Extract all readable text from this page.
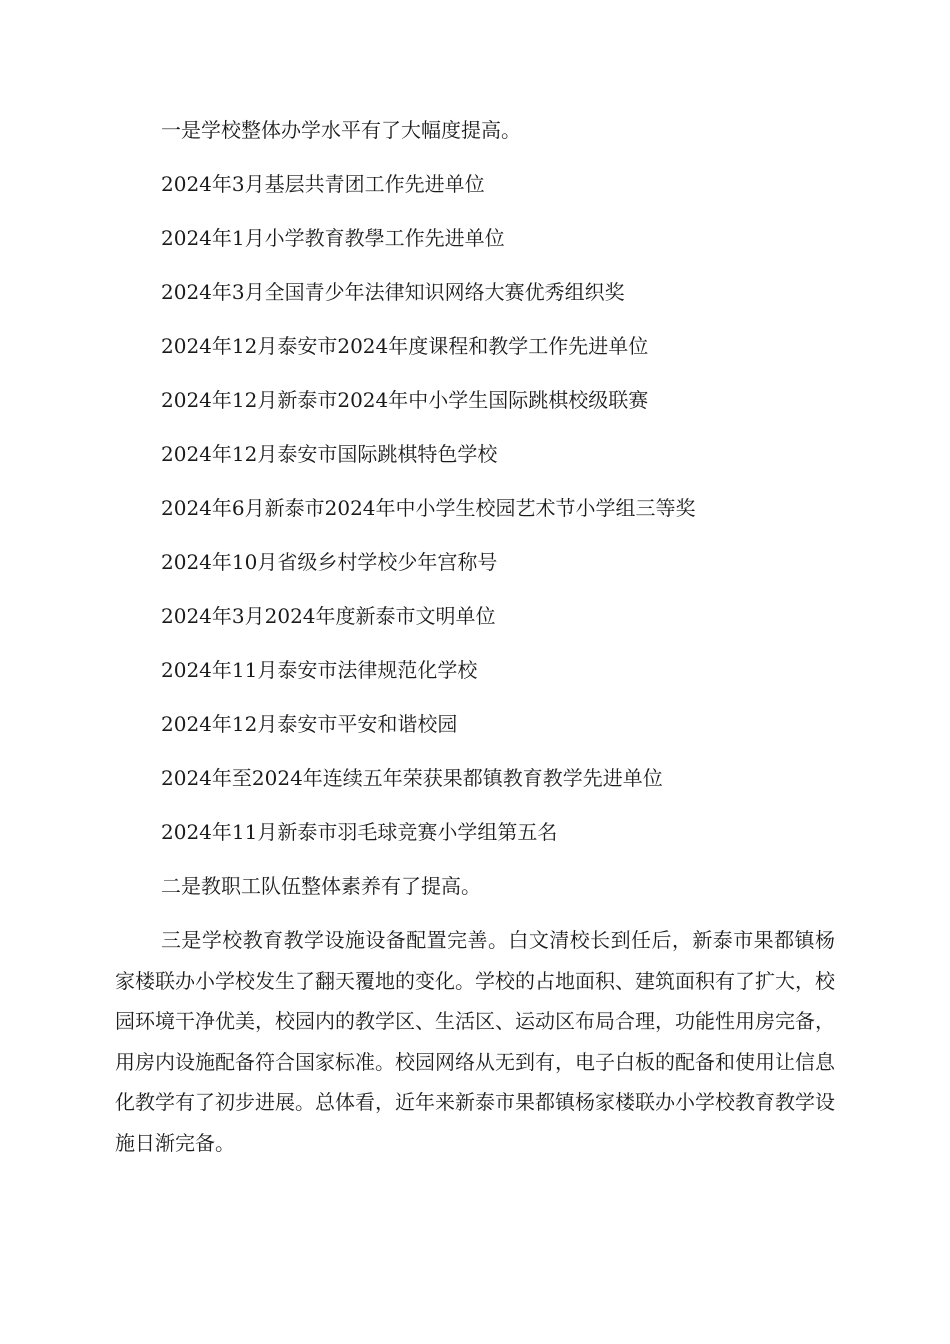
一是学校整体办学水平有了大幅度提高。

2024年3月基层共青团工作先进单位

2024年1月小学教育教學工作先进单位

2024年3月全国青少年法律知识网络大赛优秀组织奖

2024年12月泰安市2024年度课程和教学工作先进单位

2024年12月新泰市2024年中小学生国际跳棋校级联赛

2024年12月泰安市国际跳棋特色学校

2024年6月新泰市2024年中小学生校园艺术节小学组三等奖

2024年10月省级乡村学校少年宫称号

2024年3月2024年度新泰市文明单位

2024年11月泰安市法律规范化学校

2024年12月泰安市平安和谐校园

2024年至2024年连续五年荣获果都镇教育教学先进单位

2024年11月新泰市羽毛球竞赛小学组第五名

二是教职工队伍整体素养有了提高。

三是学校教育教学设施设备配置完善。白文清校长到任后，新泰市果都镇杨家楼联办小学校发生了翻天覆地的变化。学校的占地面积、建筑面积有了扩大，校园环境干净优美，校园内的教学区、生活区、运动区布局合理，功能性用房完备，用房内设施配备符合国家标准。校园网络从无到有，电子白板的配备和使用让信息化教学有了初步进展。总体看，近年来新泰市果都镇杨家楼联办小学校教育教学设施日渐完备。
